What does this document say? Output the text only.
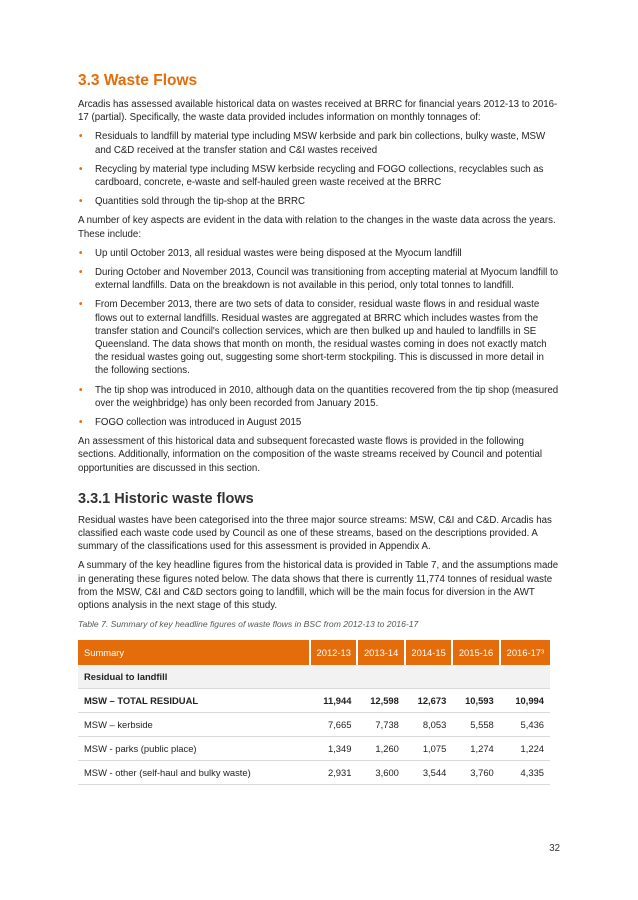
3.3 Waste Flows

Arcadis has assessed available historical data on wastes received at BRRC for financial years 2012-13 to 2016-17 (partial). Specifically, the waste data provided includes information on monthly tonnages of:

• Residuals to landfill by material type including MSW kerbside and park bin collections, bulky waste, MSW and C&D received at the transfer station and C&I wastes received
• Recycling by material type including MSW kerbside recycling and FOGO collections, recyclables such as cardboard, concrete, e-waste and self-hauled green waste received at the BRRC
• Quantities sold through the tip-shop at the BRRC

A number of key aspects are evident in the data with relation to the changes in the waste data across the years. These include:

• Up until October 2013, all residual wastes were being disposed at the Myocum landfill
• During October and November 2013, Council was transitioning from accepting material at Myocum landfill to external landfills. Data on the breakdown is not available in this period, only total tonnes to landfill.
• From December 2013, there are two sets of data to consider, residual waste flows in and residual waste flows out to external landfills. Residual wastes are aggregated at BRRC which includes wastes from the transfer station and Council's collection services, which are then bulked up and hauled to landfills in SE Queensland. The data shows that month on month, the residual wastes coming in does not exactly match the residual wastes going out, suggesting some short-term stockpiling. This is discussed in more detail in the following sections.
• The tip shop was introduced in 2010, although data on the quantities recovered from the tip shop (measured over the weighbridge) has only been recorded from January 2015.
• FOGO collection was introduced in August 2015

An assessment of this historical data and subsequent forecasted waste flows is provided in the following sections. Additionally, information on the composition of the waste streams received by Council and potential opportunities are discussed in this section.

3.3.1 Historic waste flows

Residual wastes have been categorised into the three major source streams: MSW, C&I and C&D. Arcadis has classified each waste code used by Council as one of these streams, based on the descriptions provided. A summary of the classifications used for this assessment is provided in Appendix A.

A summary of the key headline figures from the historical data is provided in Table 7, and the assumptions made in generating these figures noted below. The data shows that there is currently 11,774 tonnes of residual waste from the MSW, C&I and C&D sectors going to landfill, which will be the main focus for diversion in the AWT options analysis in the next stage of this study.

Table 7. Summary of key headline figures of waste flows in BSC from 2012-13 to 2016-17
Summary	2012-13	2013-14	2014-15	2015-16	2016-17³
Residual to landfill					
MSW – TOTAL RESIDUAL	11,944	12,598	12,673	10,593	10,994
MSW – kerbside	7,665	7,738	8,053	5,558	5,436
MSW - parks (public place)	1,349	1,260	1,075	1,274	1,224
MSW - other (self-haul and bulky waste)	2,931	3,600	3,544	3,760	4,335
32
